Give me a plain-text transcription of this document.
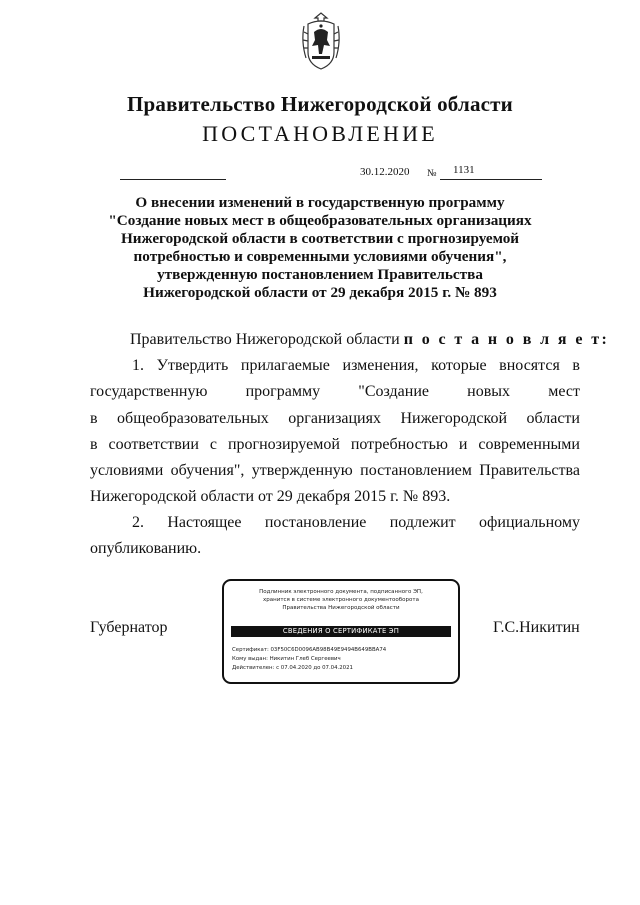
Правительство Нижегородской области
ПОСТАНОВЛЕНИЕ
30.12.2020 № 1131
О внесении изменений в государственную программу
"Создание новых мест в общеобразовательных организациях
Нижегородской области в соответствии с прогнозируемой
потребностью и современными условиями обучения",
утвержденную постановлением Правительства
Нижегородской области от 29 декабря 2015 г. № 893
Правительство Нижегородской области п о с т а н о в л я е т:
1. Утвердить прилагаемые изменения, которые вносятся в
государственную программу "Создание новых мест
в общеобразовательных организациях Нижегородской области
в соответствии с прогнозируемой потребностью и современными
условиями обучения", утвержденную постановлением Правительства
Нижегородской области от 29 декабря 2015 г. № 893.
2. Настоящее постановление подлежит официальному
опубликованию.
Губернатор	Г.С.Никитин
Подлинник электронного документа, подписанного ЭП,
хранится в системе электронного документооборота
Правительства Нижегородской области
СВЕДЕНИЯ О СЕРТИФИКАТЕ ЭП
Сертификат: 03F50C6D0096AB98B49E9494B649BBA74
Кому выдан: Никитин Глеб Сергеевич
Действителен: с 07.04.2020 до 07.04.2021
